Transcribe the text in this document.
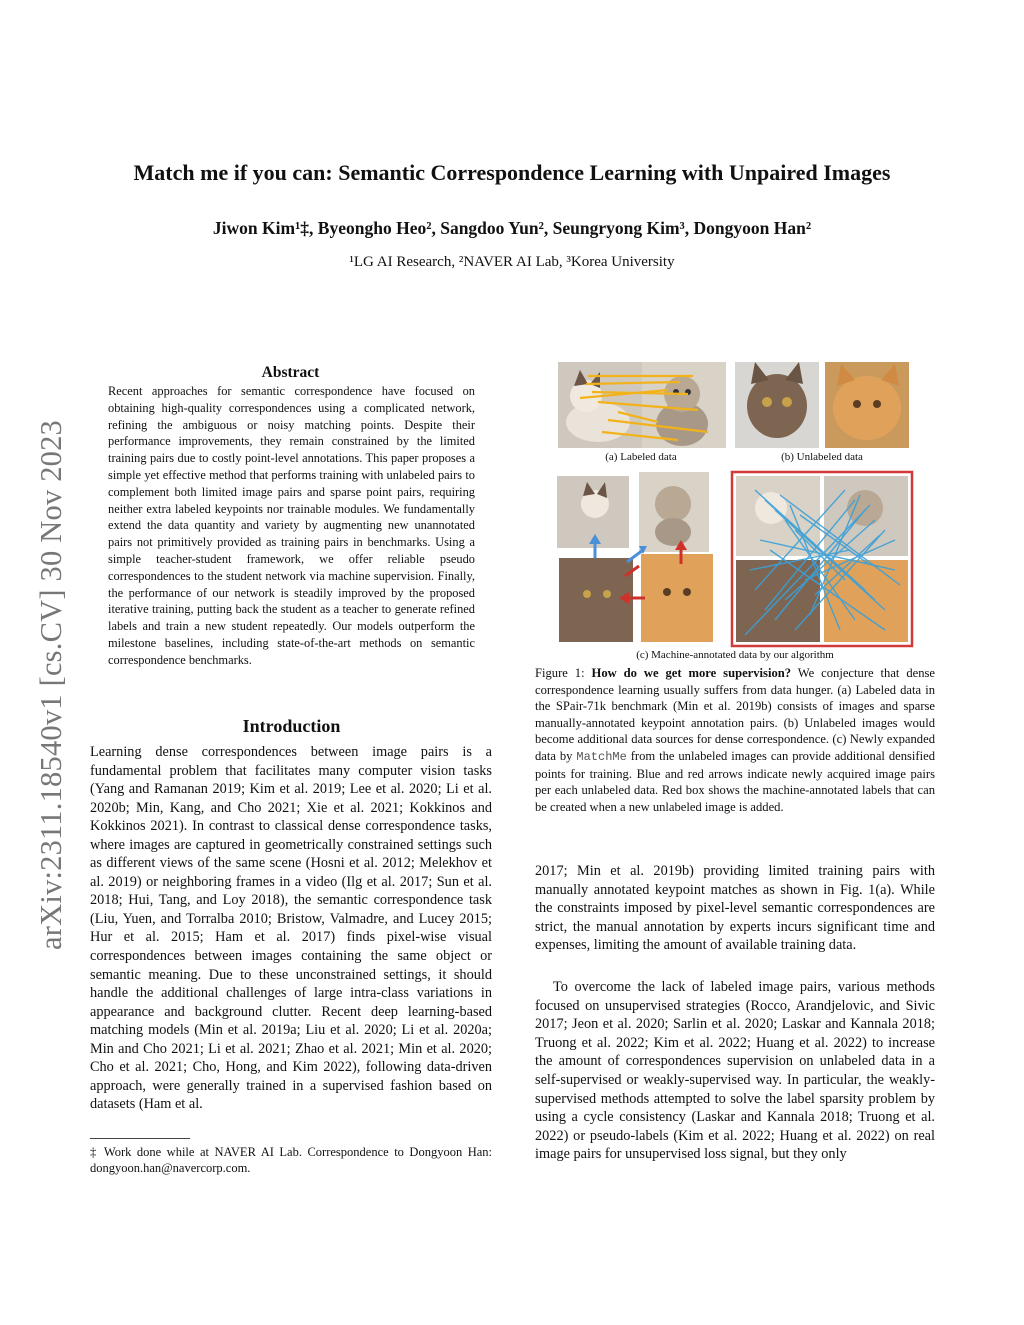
Match me if you can: Semantic Correspondence Learning with Unpaired Images
Jiwon Kim¹‡, Byeongho Heo², Sangdoo Yun², Seungryong Kim³, Dongyoon Han²
¹LG AI Research, ²NAVER AI Lab, ³Korea University
arXiv:2311.18540v1 [cs.CV] 30 Nov 2023
Abstract
Recent approaches for semantic correspondence have focused on obtaining high-quality correspondences using a complicated network, refining the ambiguous or noisy matching points. Despite their performance improvements, they remain constrained by the limited training pairs due to costly point-level annotations. This paper proposes a simple yet effective method that performs training with unlabeled pairs to complement both limited image pairs and sparse point pairs, requiring neither extra labeled keypoints nor trainable modules. We fundamentally extend the data quantity and variety by augmenting new unannotated pairs not primitively provided as training pairs in benchmarks. Using a simple teacher-student framework, we offer reliable pseudo correspondences to the student network via machine supervision. Finally, the performance of our network is steadily improved by the proposed iterative training, putting back the student as a teacher to generate refined labels and train a new student repeatedly. Our models outperform the milestone baselines, including state-of-the-art methods on semantic correspondence benchmarks.
Introduction
Learning dense correspondences between image pairs is a fundamental problem that facilitates many computer vision tasks (Yang and Ramanan 2019; Kim et al. 2019; Lee et al. 2020; Li et al. 2020b; Min, Kang, and Cho 2021; Xie et al. 2021; Kokkinos and Kokkinos 2021). In contrast to classical dense correspondence tasks, where images are captured in geometrically constrained settings such as different views of the same scene (Hosni et al. 2012; Melekhov et al. 2019) or neighboring frames in a video (Ilg et al. 2017; Sun et al. 2018; Hui, Tang, and Loy 2018), the semantic correspondence task (Liu, Yuen, and Torralba 2010; Bristow, Valmadre, and Lucey 2015; Hur et al. 2015; Ham et al. 2017) finds pixel-wise visual correspondences between images containing the same object or semantic meaning. Due to these unconstrained settings, it should handle the additional challenges of large intra-class variations in appearance and background clutter. Recent deep learning-based matching models (Min et al. 2019a; Liu et al. 2020; Li et al. 2020a; Min and Cho 2021; Li et al. 2021; Zhao et al. 2021; Min et al. 2020; Cho et al. 2021; Cho, Hong, and Kim 2022), following data-driven approach, were generally trained in a supervised fashion based on datasets (Ham et al.
‡ Work done while at NAVER AI Lab. Correspondence to Dongyoon Han: dongyoon.han@navercorp.com.
(a) Labeled data	(b) Unlabeled data
(c) Machine-annotated data by our algorithm
Figure 1: How do we get more supervision? We conjecture that dense correspondence learning usually suffers from data hunger. (a) Labeled data in the SPair-71k benchmark (Min et al. 2019b) consists of images and sparse manually-annotated keypoint annotation pairs. (b) Unlabeled images would become additional data sources for dense correspondence. (c) Newly expanded data by MatchMe from the unlabeled images can provide additional densified points for training. Blue and red arrows indicate newly acquired image pairs per each unlabeled data. Red box shows the machine-annotated labels that can be created when a new unlabeled image is added.
2017; Min et al. 2019b) providing limited training pairs with manually annotated keypoint matches as shown in Fig. 1(a). While the constraints imposed by pixel-level semantic correspondences are strict, the manual annotation by experts incurs significant time and expenses, limiting the amount of available training data.
To overcome the lack of labeled image pairs, various methods focused on unsupervised strategies (Rocco, Arandjelovic, and Sivic 2017; Jeon et al. 2020; Sarlin et al. 2020; Laskar and Kannala 2018; Truong et al. 2022; Kim et al. 2022; Huang et al. 2022) to increase the amount of correspondences supervision on unlabeled data in a self-supervised or weakly-supervised way. In particular, the weakly-supervised methods attempted to solve the label sparsity problem by using a cycle consistency (Laskar and Kannala 2018; Truong et al. 2022) or pseudo-labels (Kim et al. 2022; Huang et al. 2022) on real image pairs for unsupervised loss signal, but they only
